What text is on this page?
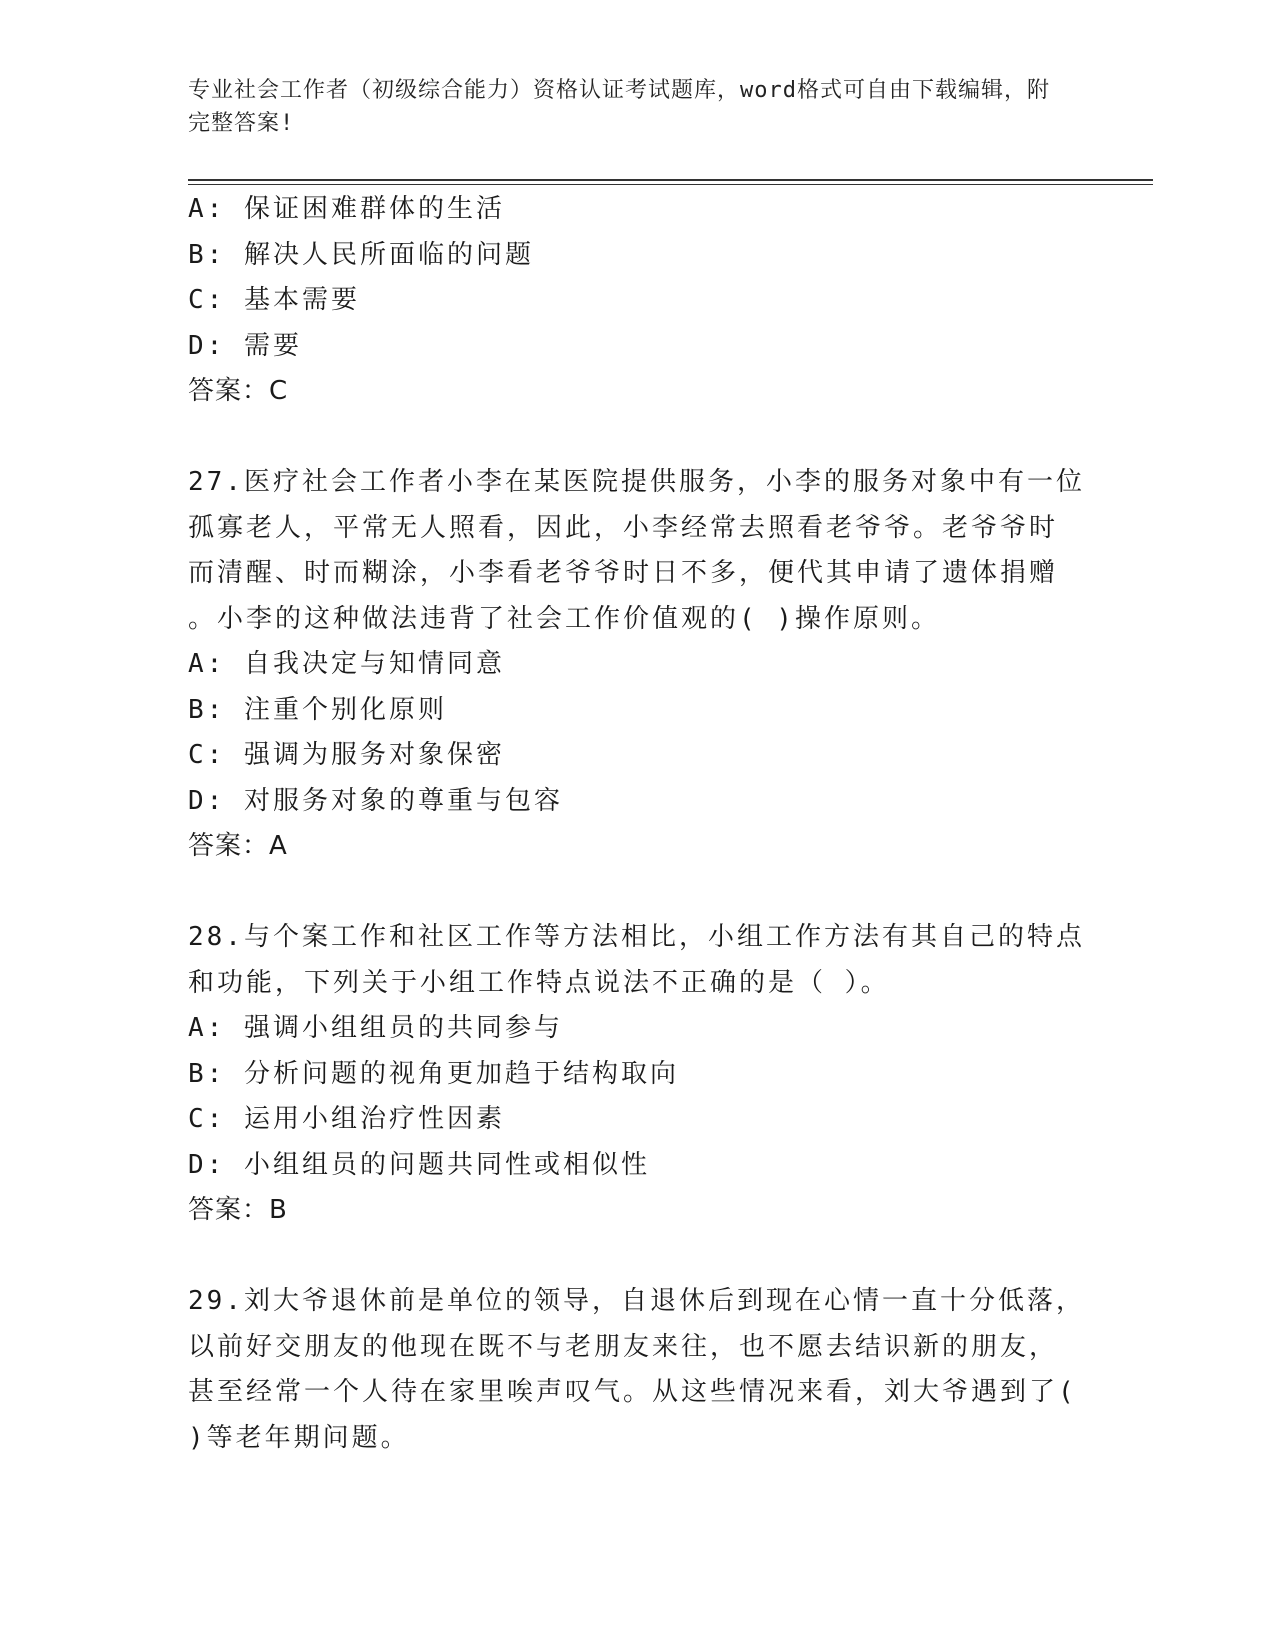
专业社会工作者（初级综合能力）资格认证考试题库，word格式可自由下载编辑，附完整答案!
A: 保证困难群体的生活
B: 解决人民所面临的问题
C: 基本需要
D: 需要
答案：C
27.医疗社会工作者小李在某医院提供服务，小李的服务对象中有一位
孤寡老人，平常无人照看，因此，小李经常去照看老爷爷。老爷爷时
而清醒、时而糊涂，小李看老爷爷时日不多，便代其申请了遗体捐赠
。小李的这种做法违背了社会工作价值观的( )操作原则。
A: 自我决定与知情同意
B: 注重个别化原则
C: 强调为服务对象保密
D: 对服务对象的尊重与包容
答案：A
28.与个案工作和社区工作等方法相比，小组工作方法有其自己的特点
和功能，下列关于小组工作特点说法不正确的是（ ）。
A: 强调小组组员的共同参与
B: 分析问题的视角更加趋于结构取向
C: 运用小组治疗性因素
D: 小组组员的问题共同性或相似性
答案：B
29.刘大爷退休前是单位的领导，自退休后到现在心情一直十分低落，
以前好交朋友的他现在既不与老朋友来往，也不愿去结识新的朋友，
甚至经常一个人待在家里唉声叹气。从这些情况来看，刘大爷遇到了(
)等老年期问题。
